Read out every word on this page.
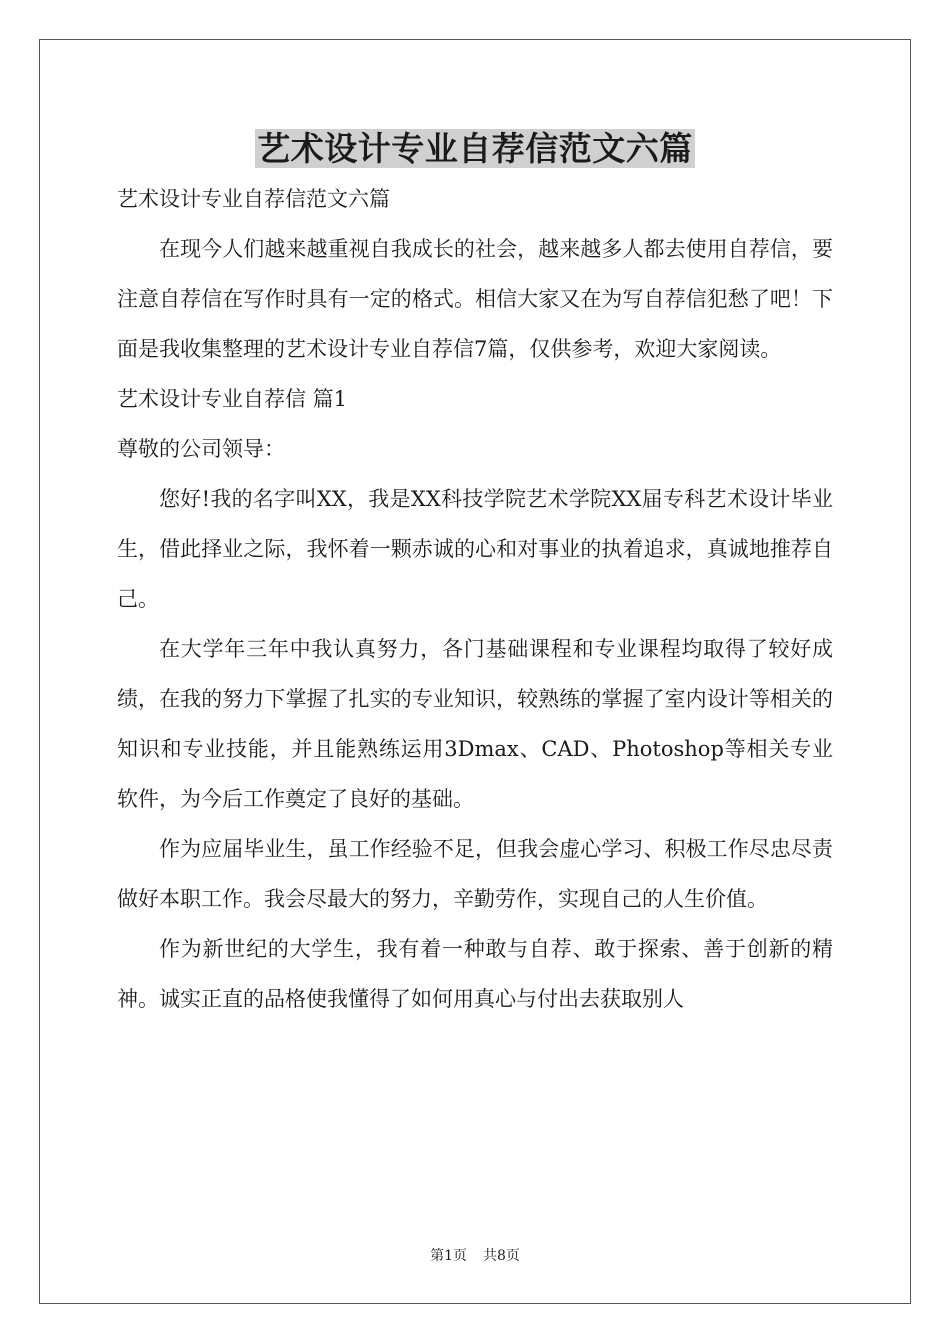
艺术设计专业自荐信范文六篇

艺术设计专业自荐信范文六篇

在现今人们越来越重视自我成长的社会，越来越多人都去使用自荐信，要注意自荐信在写作时具有一定的格式。相信大家又在为写自荐信犯愁了吧！下面是我收集整理的艺术设计专业自荐信7篇，仅供参考，欢迎大家阅读。

艺术设计专业自荐信 篇1

尊敬的公司领导：

您好!我的名字叫XX，我是XX科技学院艺术学院XX届专科艺术设计毕业生，借此择业之际，我怀着一颗赤诚的心和对事业的执着追求，真诚地推荐自己。

在大学年三年中我认真努力，各门基础课程和专业课程均取得了较好成绩，在我的努力下掌握了扎实的专业知识，较熟练的掌握了室内设计等相关的知识和专业技能，并且能熟练运用3Dmax、CAD、Photoshop等相关专业软件，为今后工作奠定了良好的基础。

作为应届毕业生，虽工作经验不足，但我会虚心学习、积极工作尽忠尽责做好本职工作。我会尽最大的努力，辛勤劳作，实现自己的人生价值。

作为新世纪的大学生，我有着一种敢与自荐、敢于探索、善于创新的精神。诚实正直的品格使我懂得了如何用真心与付出去获取别人

第1页 共8页
